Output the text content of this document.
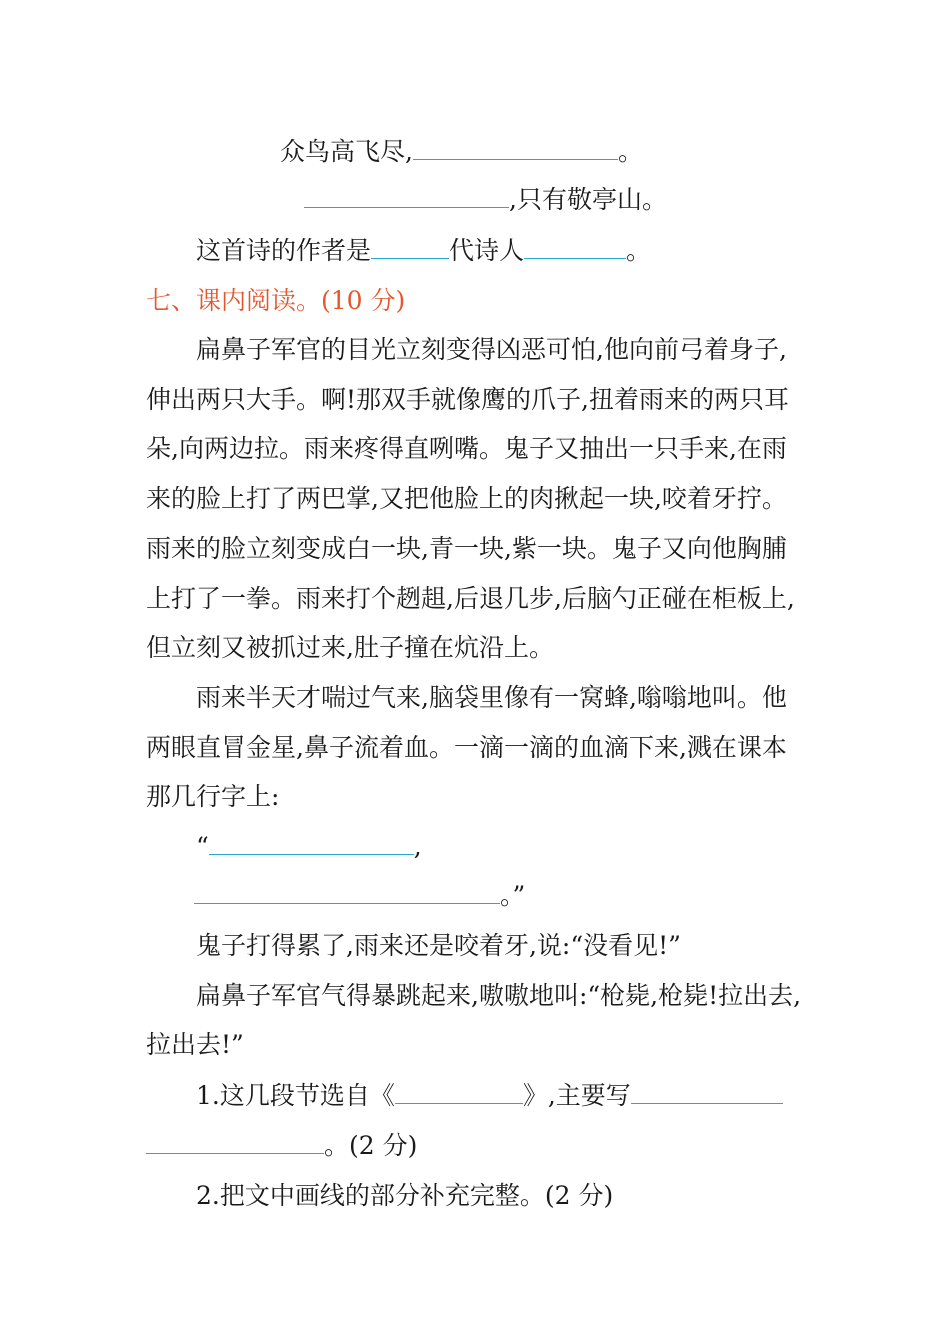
众鸟高飞尽,	。
,只有敬亭山。
这首诗的作者是	代诗人	。
七、课内阅读。(10 分)
扁鼻子军官的目光立刻变得凶恶可怕,他向前弓着身子,
伸出两只大手。啊!那双手就像鹰的爪子,扭着雨来的两只耳
朵,向两边拉。雨来疼得直咧嘴。鬼子又抽出一只手来,在雨
来的脸上打了两巴掌,又把他脸上的肉揪起一块,咬着牙拧。
雨来的脸立刻变成白一块,青一块,紫一块。鬼子又向他胸脯
上打了一拳。雨来打个趔趄,后退几步,后脑勺正碰在柜板上,
但立刻又被抓过来,肚子撞在炕沿上。
雨来半天才喘过气来,脑袋里像有一窝蜂,嗡嗡地叫。他
两眼直冒金星,鼻子流着血。一滴一滴的血滴下来,溅在课本
那几行字上:
“	,
。”
鬼子打得累了,雨来还是咬着牙,说:“没看见!”
扁鼻子军官气得暴跳起来,嗷嗷地叫:“枪毙,枪毙!拉出去,
拉出去!”
1.这几段节选自《	》,主要写
。(2 分)
2.把文中画线的部分补充完整。(2 分)
